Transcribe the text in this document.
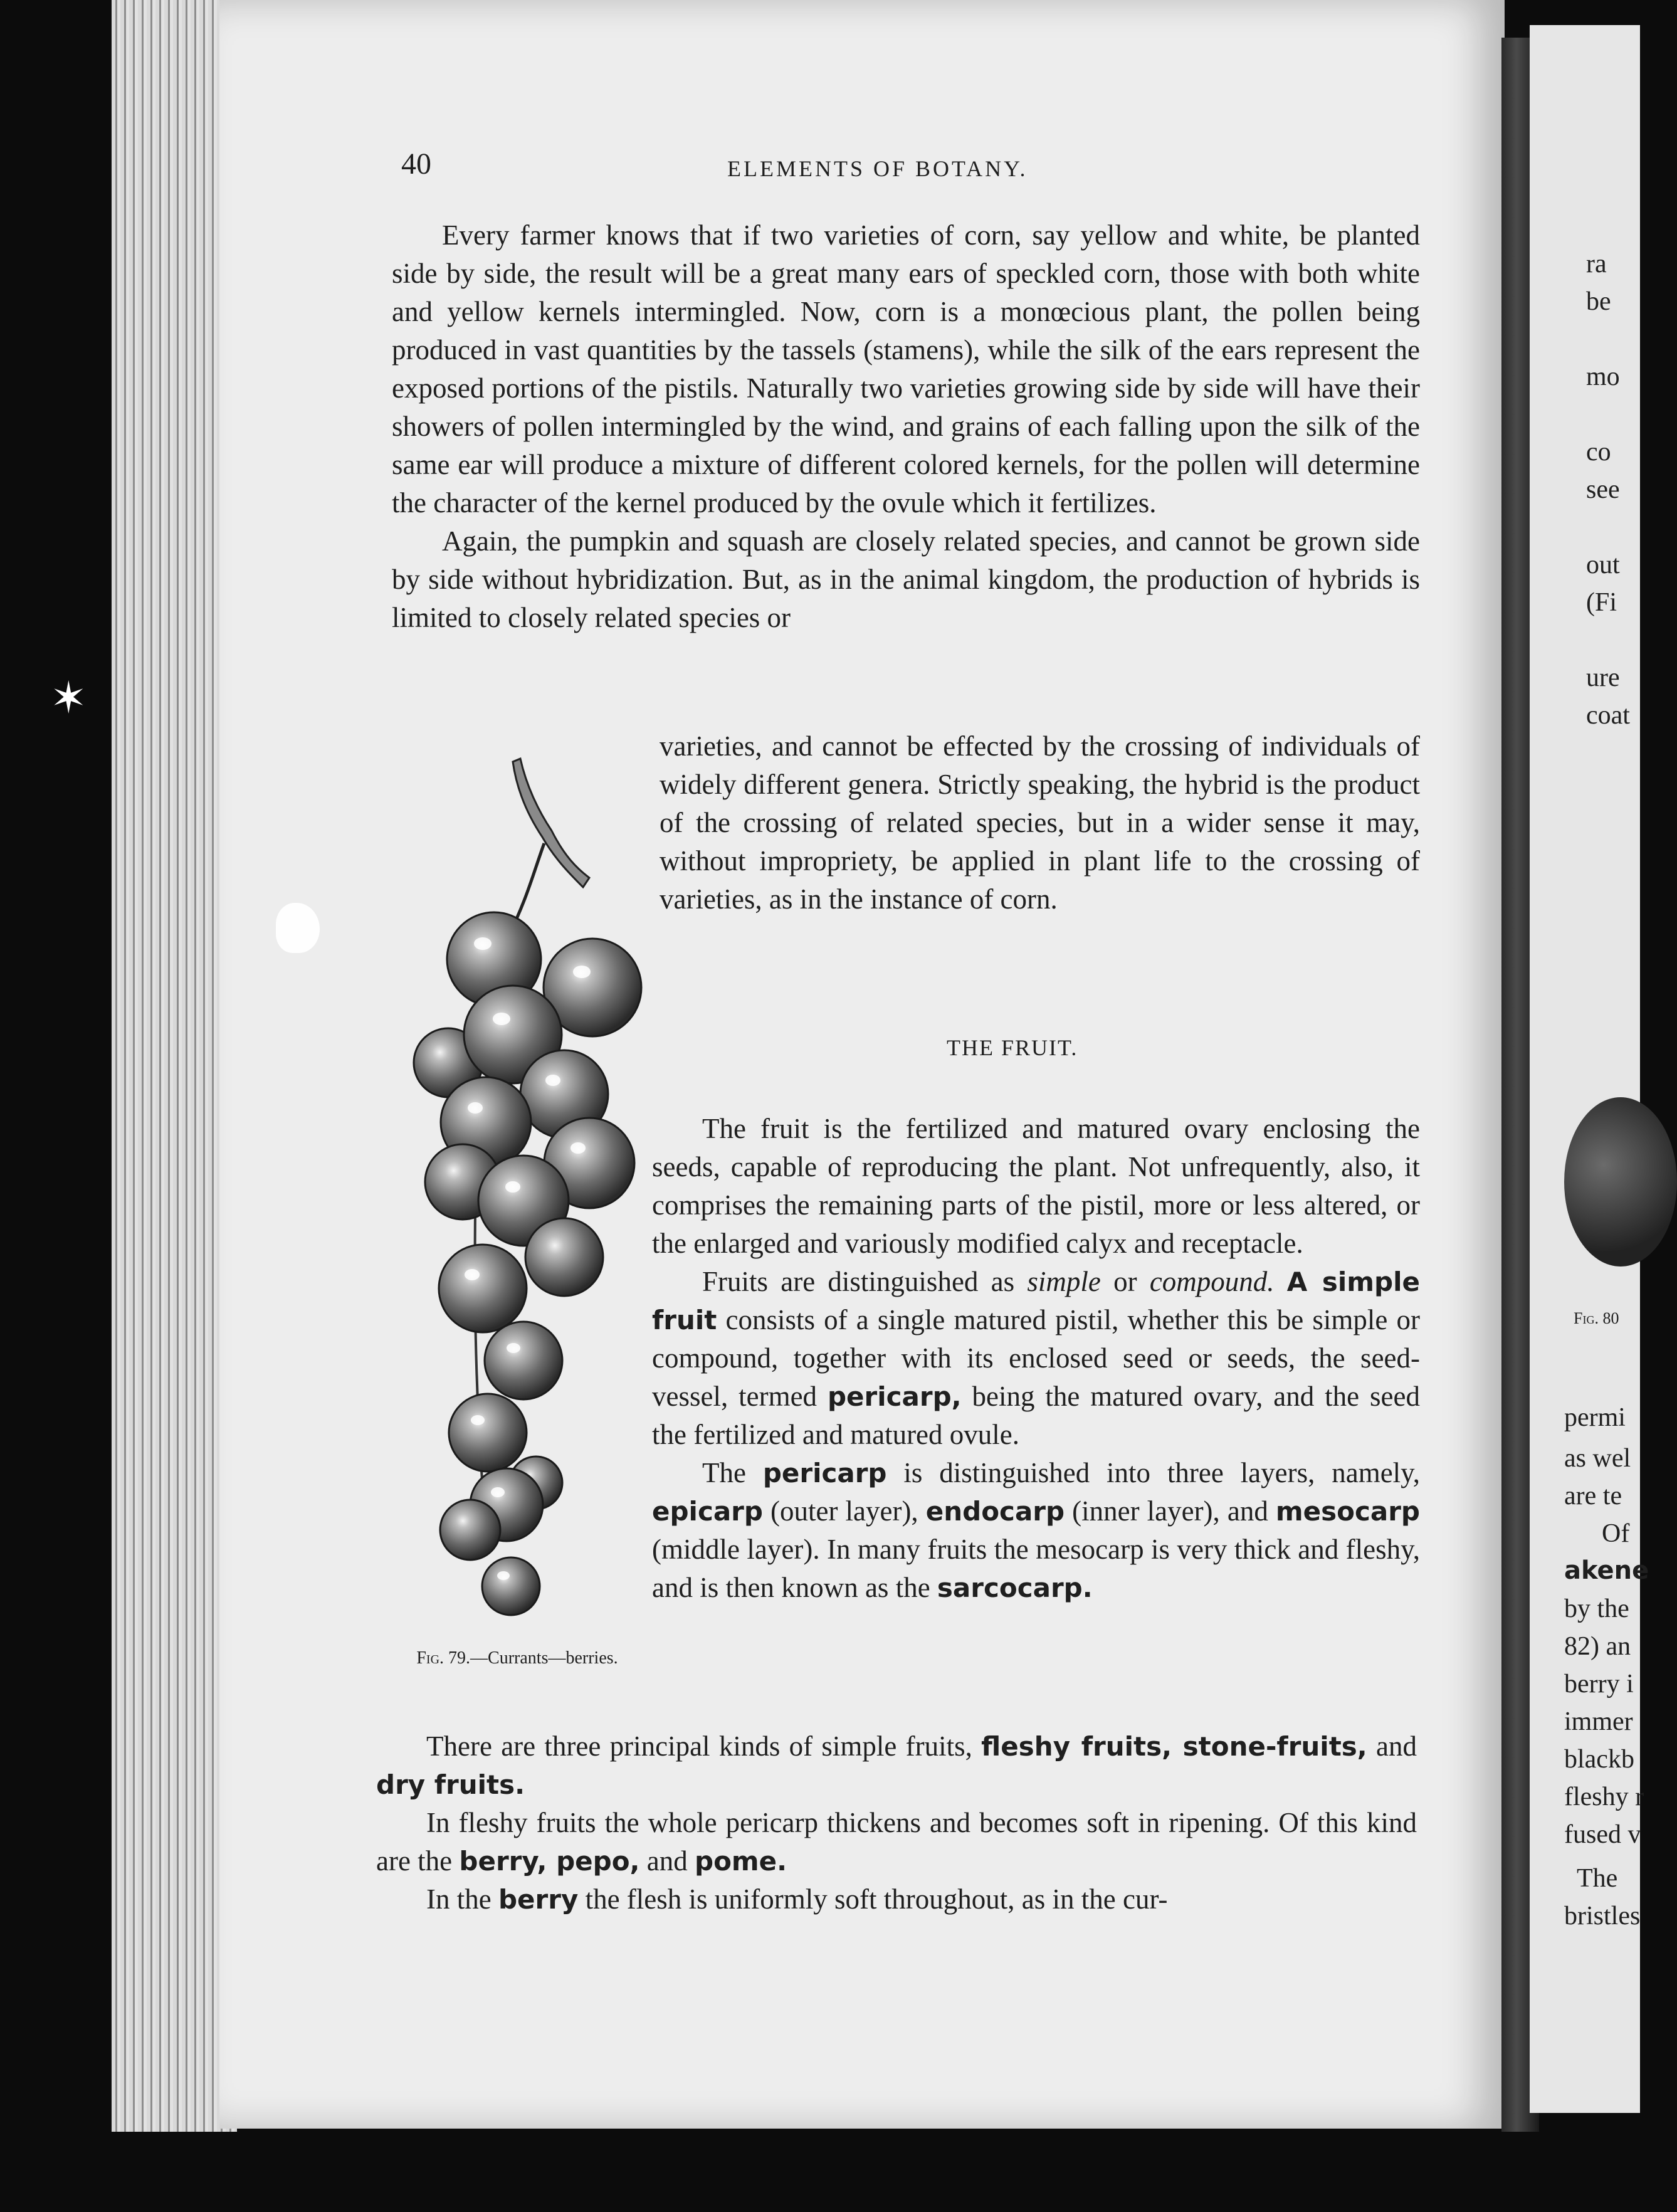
ra
be
mo
co
see
out
(Fi
ure
coat
Fig. 80
permi
as wel
are te
Of
akene
by the
82) an
berry i
immer
blackb
fleshy r
fused v
The
bristles
✶
40	ELEMENTS OF BOTANY.

Every farmer knows that if two varieties of corn, say yellow and white, be planted side by side, the result will be a great many ears of speckled corn, those with both white and yellow kernels intermingled. Now, corn is a monœcious plant, the pollen being produced in vast quantities by the tassels (stamens), while the silk of the ears represent the exposed portions of the pistils. Naturally two varieties growing side by side will have their showers of pollen intermingled by the wind, and grains of each falling upon the silk of the same ear will produce a mixture of different colored kernels, for the pollen will determine the character of the kernel produced by the ovule which it fertilizes.

Again, the pumpkin and squash are closely related species, and cannot be grown side by side without hybridization. But, as in the animal kingdom, the production of hybrids is limited to closely related species or

varieties, and cannot be effected by the crossing of individuals of widely different genera. Strictly speaking, the hybrid is the product of the crossing of related species, but in a wider sense it may, without impropriety, be applied in plant life to the crossing of varieties, as in the instance of corn.

THE FRUIT.

The fruit is the fertilized and matured ovary enclosing the seeds, capable of reproducing the plant. Not unfrequently, also, it comprises the remaining parts of the pistil, more or less altered, or the enlarged and variously modified calyx and receptacle.

Fruits are distinguished as simple or compound. A simple fruit consists of a single matured pistil, whether this be simple or compound, together with its enclosed seed or seeds, the seed-vessel, termed pericarp, being the matured ovary, and the seed the fertilized and matured ovule.

The pericarp is distinguished into three layers, namely, epicarp (outer layer), endocarp (inner layer), and mesocarp (middle layer). In many fruits the mesocarp is very thick and fleshy, and is then known as the sarcocarp.

There are three principal kinds of simple fruits, fleshy fruits, stone-fruits, and dry fruits.

In fleshy fruits the whole pericarp thickens and becomes soft in ripening. Of this kind are the berry, pepo, and pome.

In the berry the flesh is uniformly soft throughout, as in the cur-

Fig. 79.—Currants—berries.
